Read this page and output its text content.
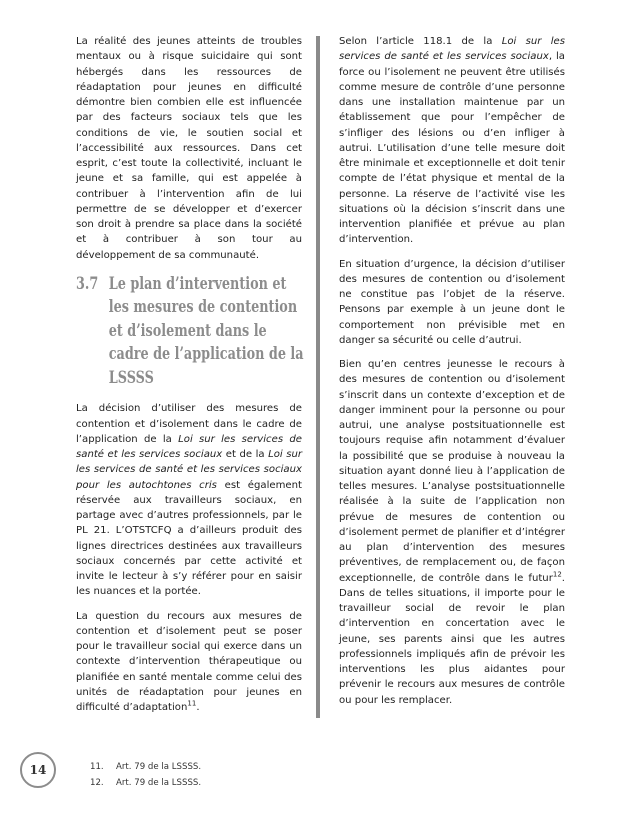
La réalité des jeunes atteints de troubles mentaux ou à risque suicidaire qui sont hébergés dans les ressources de réadaptation pour jeunes en difficulté démontre bien combien elle est influencée par des facteurs sociaux tels que les conditions de vie, le soutien social et l’accessibilité aux ressources. Dans cet esprit, c’est toute la collectivité, incluant le jeune et sa famille, qui est appelée à contribuer à l’intervention afin de lui permettre de se développer et d’exercer son droit à prendre sa place dans la société et à contribuer à son tour au développement de sa communauté.

3.7 Le plan d’intervention et les mesures de contention et d’isolement dans le cadre de l’application de la LSSSS

La décision d’utiliser des mesures de contention et d’isolement dans le cadre de l’application de la Loi sur les services de santé et les services sociaux et de la Loi sur les services de santé et les services sociaux pour les autochtones cris est également réservée aux travailleurs sociaux, en partage avec d’autres professionnels, par le PL 21. L’OTSTCFQ a d’ailleurs produit des lignes directrices destinées aux travailleurs sociaux concernés par cette activité et invite le lecteur à s’y référer pour en saisir les nuances et la portée.

La question du recours aux mesures de contention et d’isolement peut se poser pour le travailleur social qui exerce dans un contexte d’intervention thérapeutique ou planifiée en santé mentale comme celui des unités de réadaptation pour jeunes en difficulté d’adaptation$^{11}$.

Selon l’article 118.1 de la Loi sur les services de santé et les services sociaux, la force ou l’isolement ne peuvent être utilisés comme mesure de contrôle d’une personne dans une installation maintenue par un établissement que pour l’empêcher de s’infliger des lésions ou d’en infliger à autrui. L’utilisation d’une telle mesure doit être minimale et exceptionnelle et doit tenir compte de l’état physique et mental de la personne. La réserve de l’activité vise les situations où la décision s’inscrit dans une intervention planifiée et prévue au plan d’intervention.

En situation d’urgence, la décision d’utiliser des mesures de contention ou d’isolement ne constitue pas l’objet de la réserve. Pensons par exemple à un jeune dont le comportement non prévisible met en danger sa sécurité ou celle d’autrui.

Bien qu’en centres jeunesse le recours à des mesures de contention ou d’isolement s’inscrit dans un contexte d’exception et de danger imminent pour la personne ou pour autrui, une analyse postsituationnelle est toujours requise afin notamment d’évaluer la possibilité que se produise à nouveau la situation ayant donné lieu à l’application de telles mesures. L’analyse postsituationnelle réalisée à la suite de l’application non prévue de mesures de contention ou d’isolement permet de planifier et d’intégrer au plan d’intervention des mesures préventives, de remplacement ou, de façon exceptionnelle, de contrôle dans le futur$^{12}$. Dans de telles situations, il importe pour le travailleur social de revoir le plan d’intervention en concertation avec le jeune, ses parents ainsi que les autres professionnels impliqués afin de prévoir les interventions les plus aidantes pour prévenir le recours aux mesures de contrôle ou pour les remplacer.

14	11.	Art. 79 de la LSSSS.
12.	Art. 79 de la LSSSS.
